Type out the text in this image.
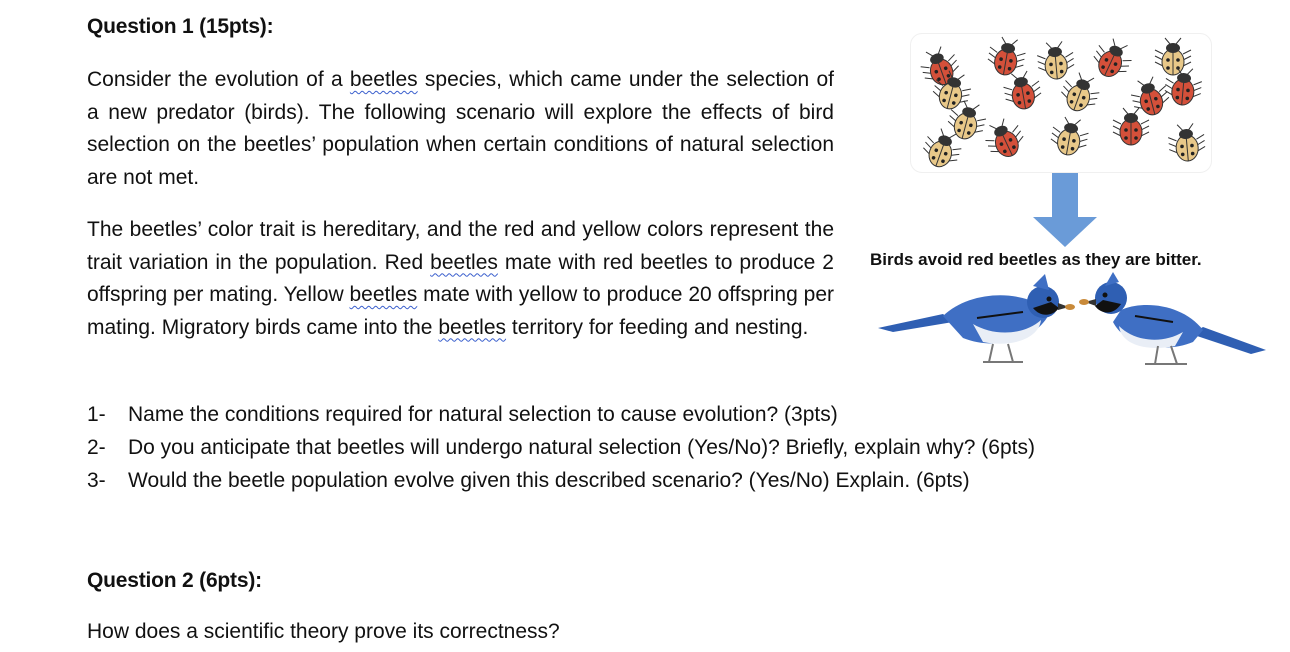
Question 1 (15pts):
Consider the evolution of a beetles species, which came under the selection of a new predator (birds). The following scenario will explore the effects of bird selection on the beetles’ population when certain conditions of natural selection are not met.
The beetles’ color trait is hereditary, and the red and yellow colors represent the trait variation in the population. Red beetles mate with red beetles to produce 2 offspring per mating. Yellow beetles mate with yellow to produce 20 offspring per mating. Migratory birds came into the beetles territory for feeding and nesting.
1-	Name the conditions required for natural selection to cause evolution? (3pts)
2-	Do you anticipate that beetles will undergo natural selection (Yes/No)? Briefly, explain why? (6pts)
3-	Would the beetle population evolve given this described scenario? (Yes/No) Explain. (6pts)
Birds avoid red beetles as they are bitter.
Question 2 (6pts):
How does a scientific theory prove its correctness?
